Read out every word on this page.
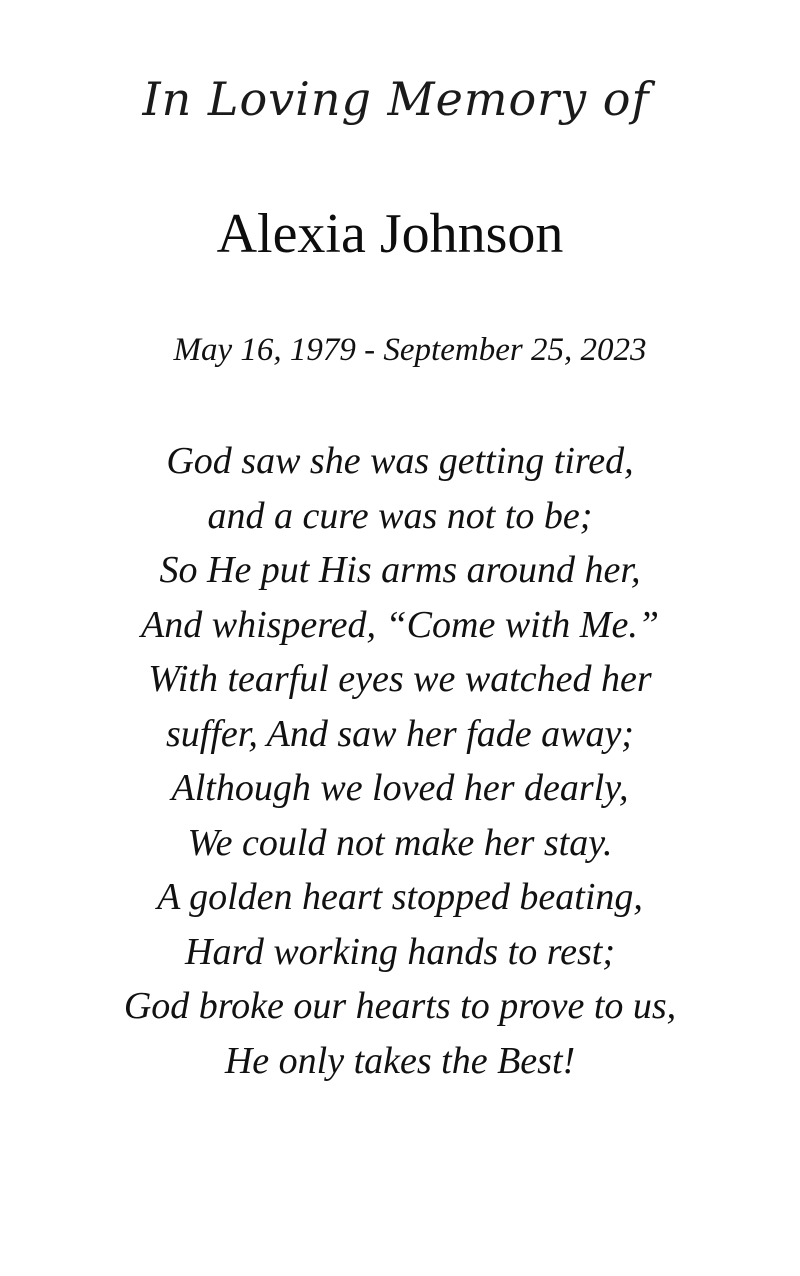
In Loving Memory of
Alexia Johnson
May 16, 1979 - September 25, 2023
God saw she was getting tired,
and a cure was not to be;
So He put His arms around her,
And whispered, “Come with Me.”
With tearful eyes we watched her
suffer, And saw her fade away;
Although we loved her dearly,
We could not make her stay.
A golden heart stopped beating,
Hard working hands to rest;
God broke our hearts to prove to us,
He only takes the Best!
